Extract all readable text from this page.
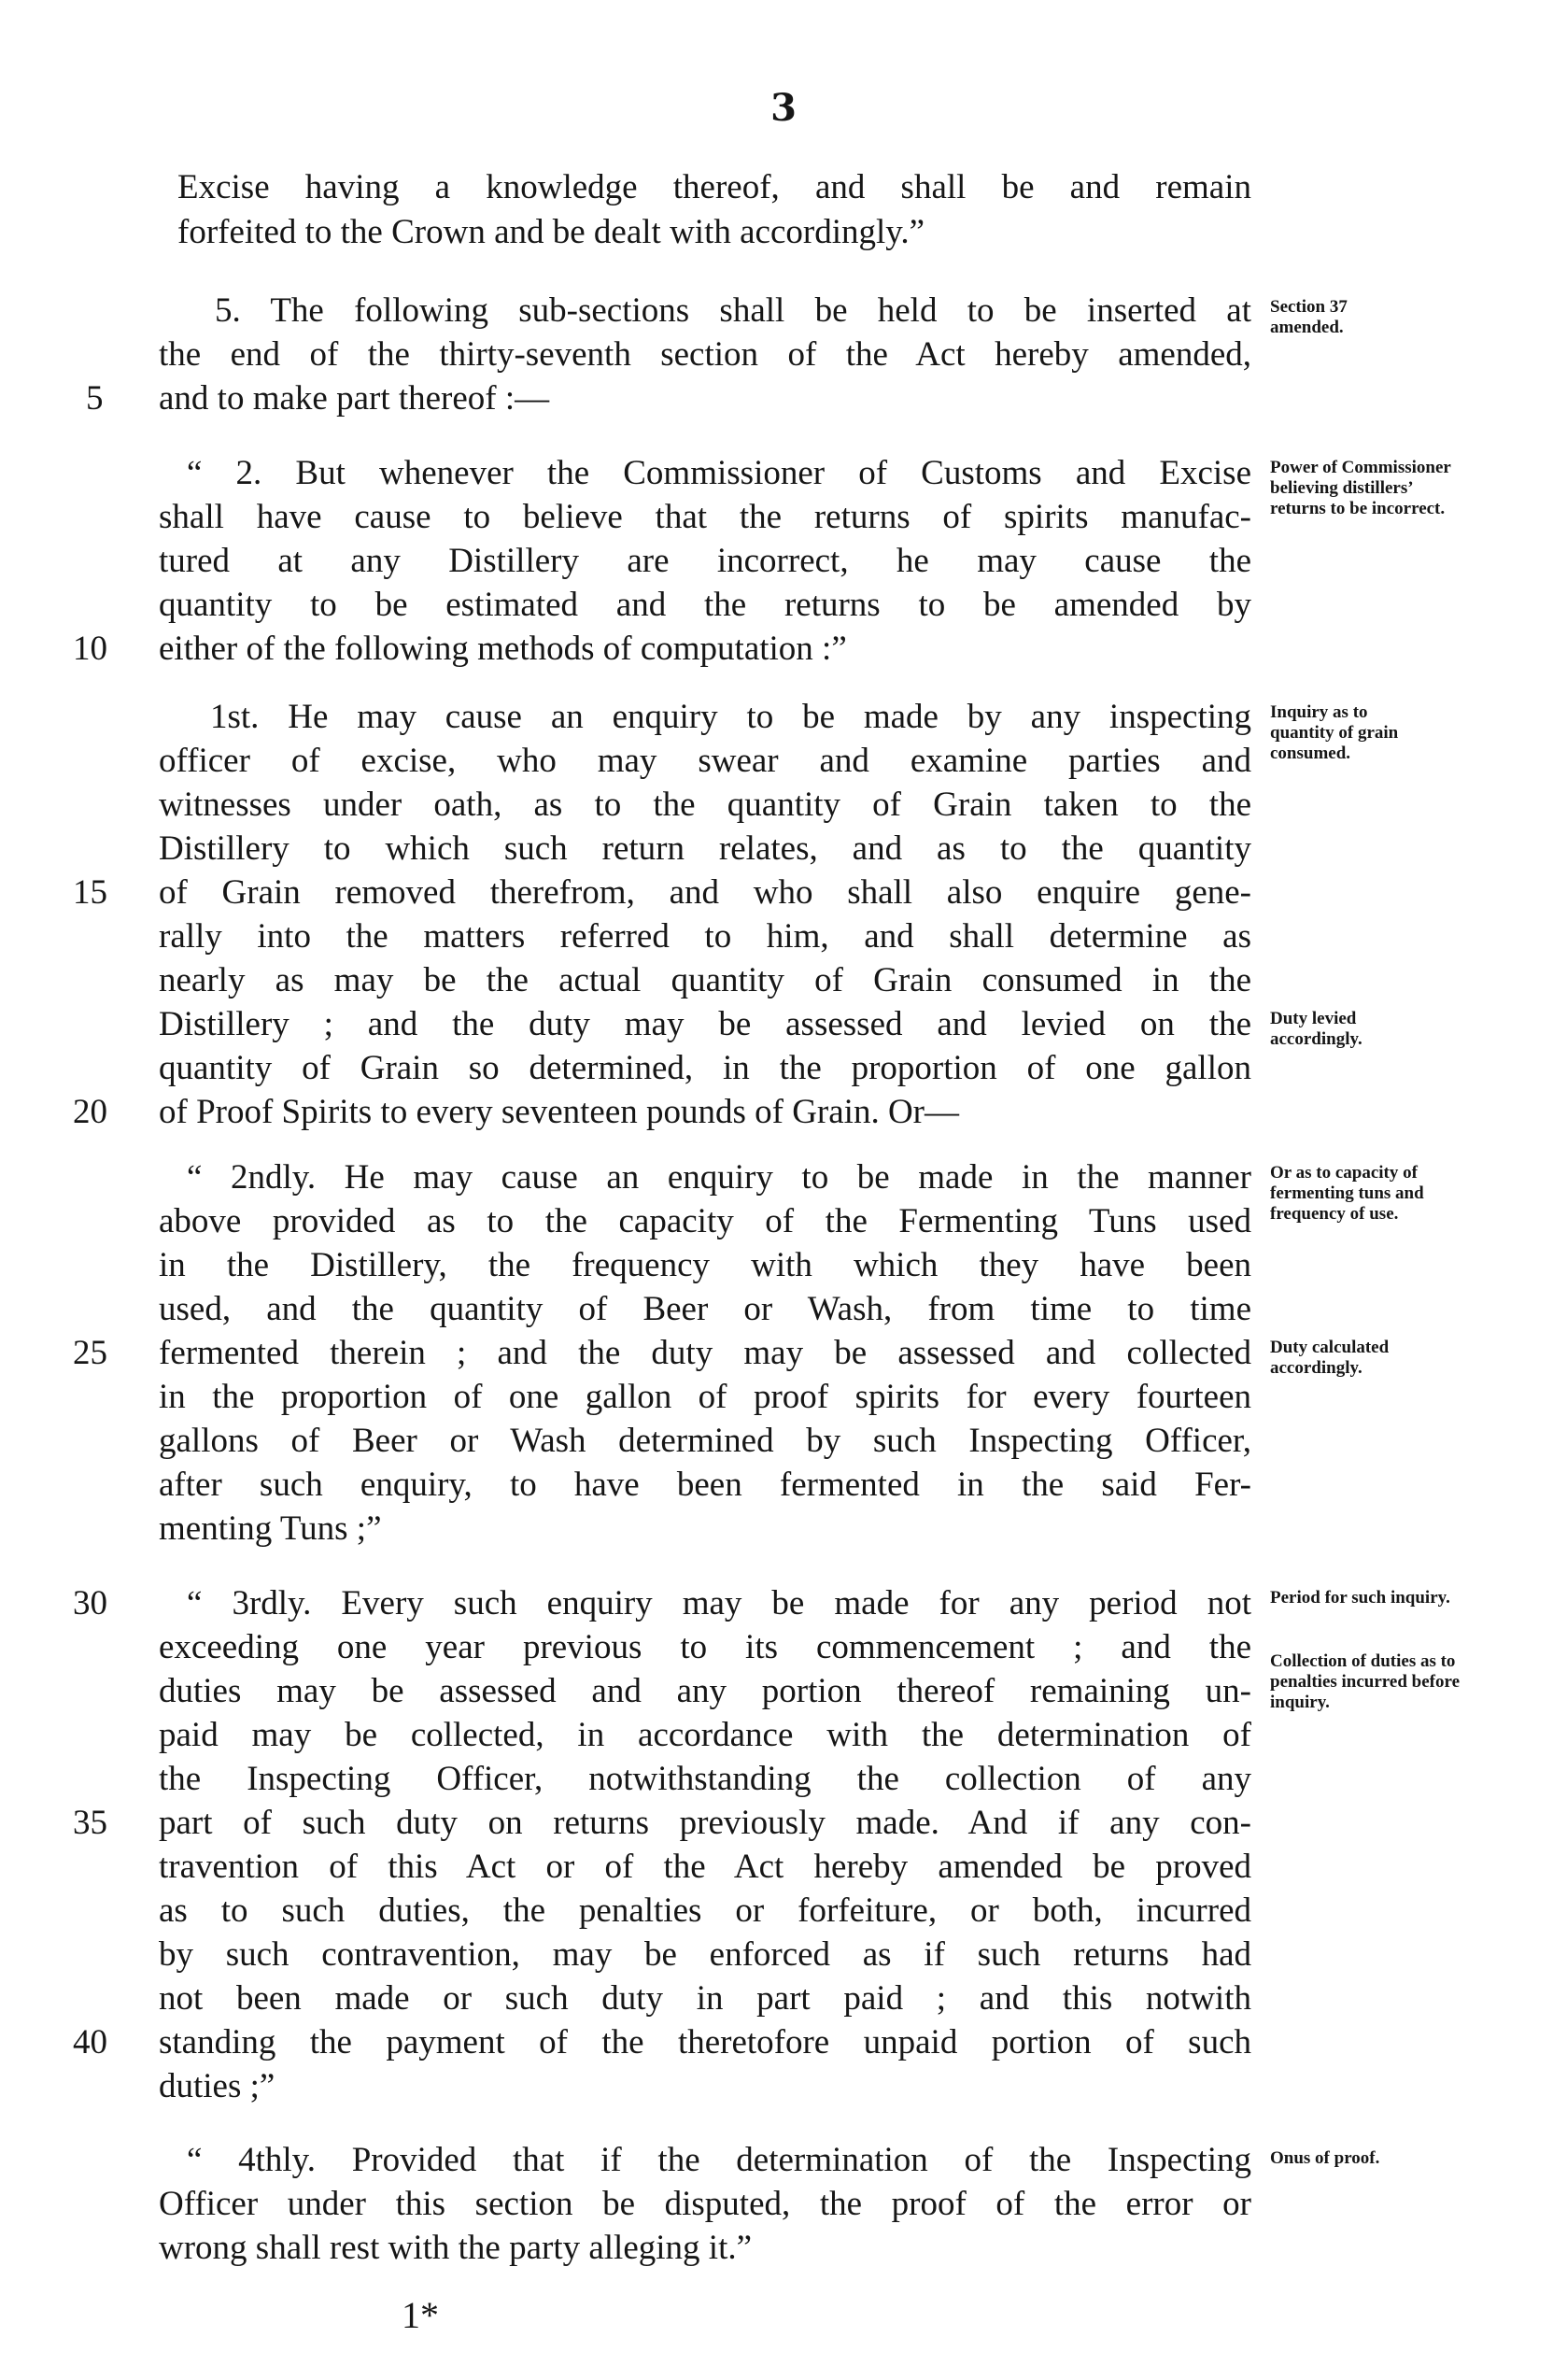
3
Excise having a knowledge thereof, and shall be and remain
forfeited to the Crown and be dealt with accordingly.”
5. The following sub-sections shall be held to be inserted at
the end of the thirty-seventh section of the Act hereby amended,
and to make part thereof :—
5
“ 2. But whenever the Commissioner of Customs and Excise
shall have cause to believe that the returns of spirits manufac-
tured at any Distillery are incorrect, he may cause the
quantity to be estimated and the returns to be amended by
either of the following methods of computation :”
10
1st. He may cause an enquiry to be made by any inspecting
officer of excise, who may swear and examine parties and
witnesses under oath, as to the quantity of Grain taken to the
Distillery to which such return relates, and as to the quantity
of Grain removed therefrom, and who shall also enquire gene-
15
rally into the matters referred to him, and shall determine as
nearly as may be the actual quantity of Grain consumed in the
Distillery ; and the duty may be assessed and levied on the
quantity of Grain so determined, in the proportion of one gallon
of Proof Spirits to every seventeen pounds of Grain. Or—
20
“ 2ndly. He may cause an enquiry to be made in the manner
above provided as to the capacity of the Fermenting Tuns used
in the Distillery, the frequency with which they have been
used, and the quantity of Beer or Wash, from time to time
fermented therein ; and the duty may be assessed and collected
25
in the proportion of one gallon of proof spirits for every fourteen
gallons of Beer or Wash determined by such Inspecting Officer,
after such enquiry, to have been fermented in the said Fer-
menting Tuns ;”
“ 3rdly. Every such enquiry may be made for any period not
30
exceeding one year previous to its commencement ; and the
duties may be assessed and any portion thereof remaining un-
paid may be collected, in accordance with the determination of
the Inspecting Officer, notwithstanding the collection of any
part of such duty on returns previously made. And if any con-
35
travention of this Act or of the Act hereby amended be proved
as to such duties, the penalties or forfeiture, or both, incurred
by such contravention, may be enforced as if such returns had
not been made or such duty in part paid ; and this notwith
standing the payment of the theretofore unpaid portion of such
40
duties ;”
“ 4thly. Provided that if the determination of the Inspecting
Officer under this section be disputed, the proof of the error or
wrong shall rest with the party alleging it.”
Section 37 amended.
Power of Commissioner believing distillers’ returns to be incorrect.
Inquiry as to quantity of grain consumed.
Duty levied accordingly.
Or as to capacity of fermenting tuns and frequency of use.
Duty calculated accordingly.
Period for such inquiry.
Collection of duties as to penalties incurred before inquiry.
Onus of proof.
1*
